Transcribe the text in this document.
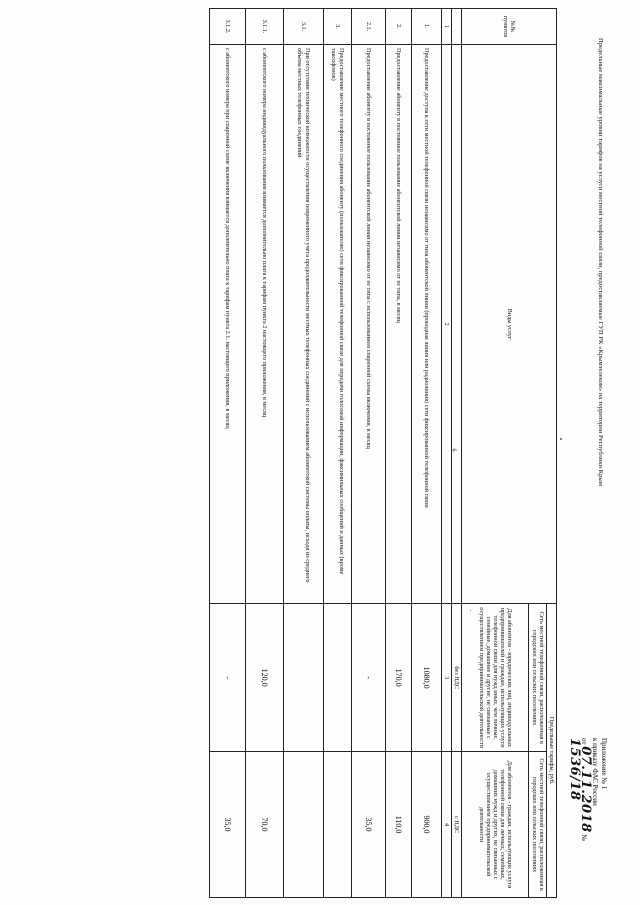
Приложение № 1
к приказу ФАС России
от 07.11.2018 № 1536/18
Предельные максимальные уровни тарифов на услуги местной телефонной связи, предоставляемые ГУП РК «Крымтелеком» на территории Республики Крым
№№ пунктов	Виды услуг	Предельные тарифы, руб.	
		Сеть местной телефонной связи, расположенная в городских или сельских поселениях	Сеть местной телефонной связи, расположенная в городских или сельских поселениях
		Для абонентов - юридических лиц, индивидуальных предпринимателей и граждан, использующих услуги телефонной связи для нужд иных, чем личные, семейные, домашние и другие, не связанные с осуществлением предпринимательской деятельности	Для абонентов - граждан, использующих услуги телефонной связи для личных, семейных, домашних нужд и других, не связанных с осуществлением предпринимательской деятельности
		без НДС	с НДС
1	2	3	4
1.	Предоставление доступа к сети местной телефонной связи независимо от типа абонентской линии (проводная линия или радиолиния) сети фиксированной телефонной связи	1080,0	900,0
2.	Предоставление абоненту в постоянное пользование абонентской линии независимо от ее типа, в месяц	170,0	110,0
2.1.	Предоставление абоненту в постоянное пользование абонентской линии независимо от ее типа с использованием спаренной схемы включения, в месяц	-	35,0
3.	Предоставление местного телефонного соединения абоненту (пользователю) сети фиксированной телефонной связи для передачи голосовой информации, факсимильных сообщений и данных (кроме таксофонов)		
3.1.	При отсутствии технической возможности осуществления повременного учета продолжительности местных телефонных соединений с использованием абонентской системы оплаты, исходя из среднего объема местных телефонных соединений		
3.1.1.	с абонентского номера индивидуального пользования взимается дополнительно плата к тарифам пункта 2 настоящего приложения, в месяц	120,0	70,0
3.1.2.	с абонентского номера при спаренной схеме включения взимается дополнительно плата к тарифам пункта 2.1. настоящего приложения, в месяц	-	35,0
6
